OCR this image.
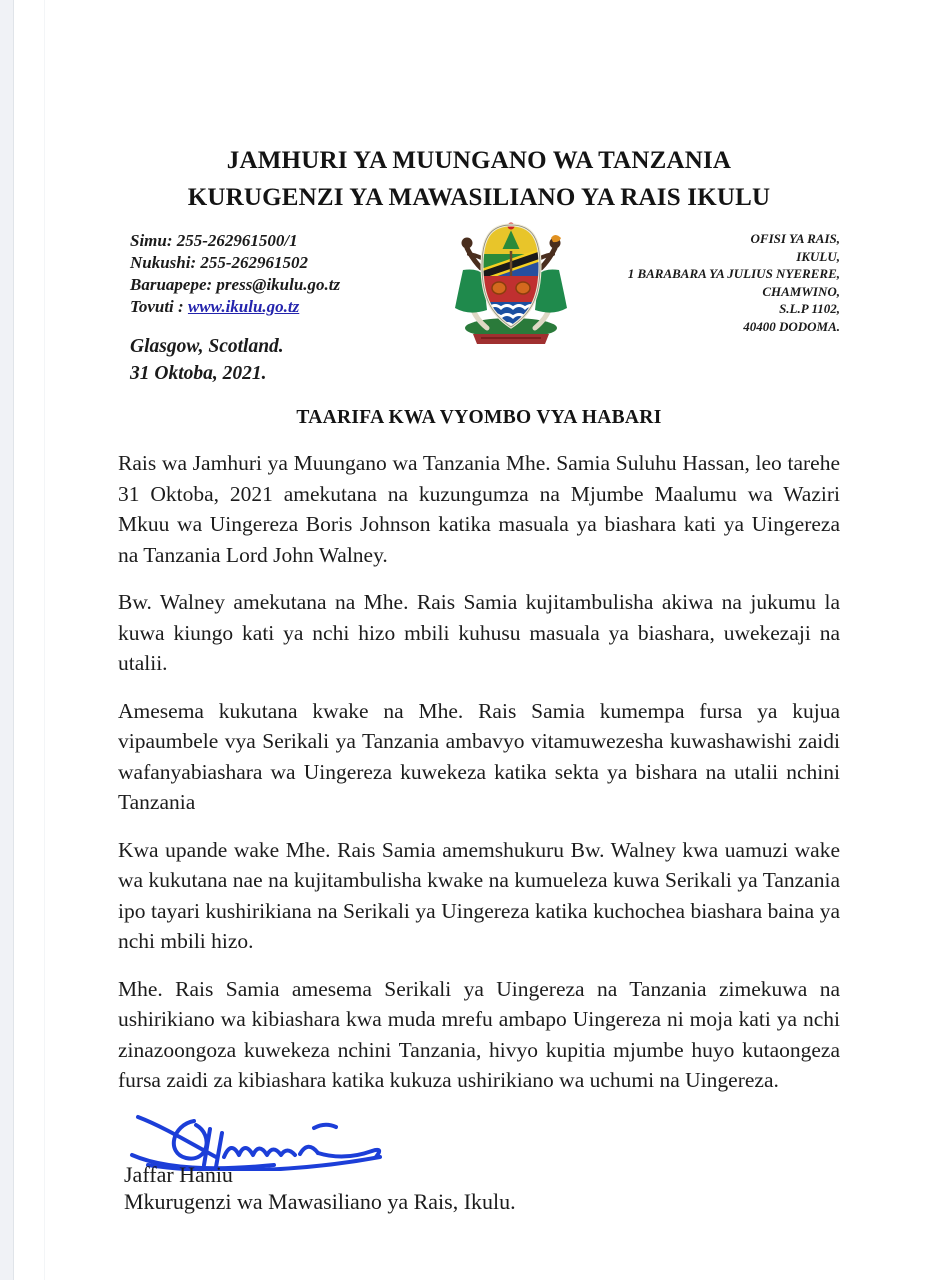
JAMHURI YA MUUNGANO WA TANZANIA
KURUGENZI YA MAWASILIANO YA RAIS IKULU
Simu: 255-262961500/1
Nukushi: 255-262961502
Baruapepe: press@ikulu.go.tz
Tovuti : www.ikulu.go.tz
Glasgow, Scotland.
31 Oktoba, 2021.
OFISI YA RAIS,
IKULU,
1 BARABARA YA JULIUS NYERERE,
CHAMWINO,
S.L.P 1102,
40400 DODOMA.
TAARIFA KWA VYOMBO VYA HABARI

Rais wa Jamhuri ya Muungano wa Tanzania Mhe. Samia Suluhu Hassan, leo tarehe 31 Oktoba, 2021 amekutana na kuzungumza na Mjumbe Maalumu wa Waziri Mkuu wa Uingereza Boris Johnson katika masuala ya biashara kati ya Uingereza na Tanzania Lord John Walney.

Bw. Walney amekutana na Mhe. Rais Samia kujitambulisha akiwa na jukumu la kuwa kiungo kati ya nchi hizo mbili kuhusu masuala ya biashara, uwekezaji na utalii.

Amesema kukutana kwake na Mhe. Rais Samia kumempa fursa ya kujua vipaumbele vya Serikali ya Tanzania ambavyo vitamuwezesha kuwashawishi zaidi wafanyabiashara wa Uingereza kuwekeza katika sekta ya bishara na utalii nchini Tanzania

Kwa upande wake Mhe. Rais Samia amemshukuru Bw. Walney kwa uamuzi wake wa kukutana nae na kujitambulisha kwake na kumueleza kuwa Serikali ya Tanzania ipo tayari kushirikiana na Serikali ya Uingereza katika kuchochea biashara baina ya nchi mbili hizo.

Mhe. Rais Samia amesema Serikali ya Uingereza na Tanzania zimekuwa na ushirikiano wa kibiashara kwa muda mrefu ambapo Uingereza ni moja kati ya nchi zinazoongoza kuwekeza nchini Tanzania, hivyo kupitia mjumbe huyo kutaongeza fursa zaidi za kibiashara katika kukuza ushirikiano wa uchumi na Uingereza.

Jaffar Haniu
Mkurugenzi wa Mawasiliano ya Rais, Ikulu.
